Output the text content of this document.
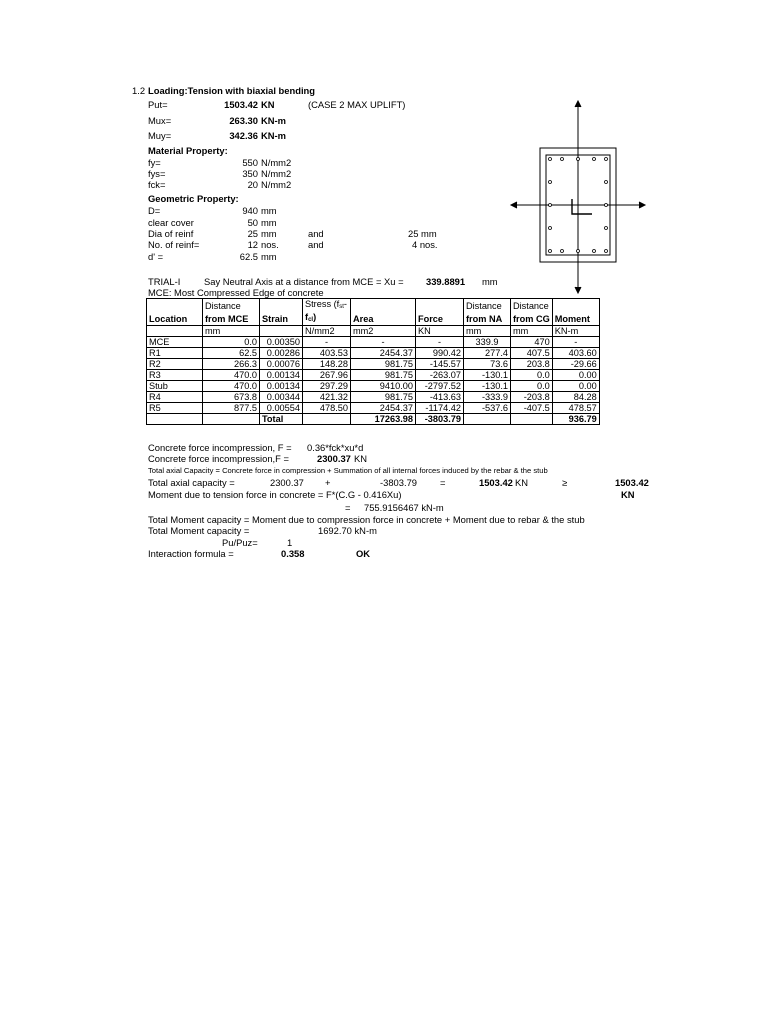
1.2 Loading:Tension with biaxial bending
Put=	1503.42 KN	(CASE 2 MAX UPLIFT)
Mux=	263.30 KN-m
Muy=	342.36 KN-m
Material Property:
fy=	550 N/mm2
fys=	350 N/mm2
fck=	20 N/mm2
Geometric Property:
D=	940 mm
clear cover	50 mm
Dia of reinf	25 mm	and	25 mm
No. of reinf=	12 nos.	and	4 nos.
d' =	62.5 mm
TRIAL-I	Say Neutral Axis at a distance from MCE = Xu = 339.8891 mm
MCE: Most Compressed Edge of concrete
	Distance		Stress ($f_{st}-$			Distance	Distance	
Location	from MCE	Strain	$f_{cl}$)	Area	Force	from NA	from CG	Moment
	mm		N/mm2	mm2	KN	mm	mm	KN-m
MCE	0.0	0.00350	-	-	-	339.9	470	-
R1	62.5	0.00286	403.53	2454.37	990.42	277.4	407.5	403.60
R2	266.3	0.00076	148.28	981.75	-145.57	73.6	203.8	-29.66
R3	470.0	0.00134	267.96	981.75	-263.07	-130.1	0.0	0.00
Stub	470.0	0.00134	297.29	9410.00	-2797.52	-130.1	0.0	0.00
R4	673.8	0.00344	421.32	981.75	-413.63	-333.9	-203.8	84.28
R5	877.5	0.00554	478.50	2454.37	-1174.42	-537.6	-407.5	478.57
		Total		17263.98	-3803.79			936.79
Concrete force incompression, F = 0.36*fck*xu*d
Concrete force incompression,F =	2300.37 KN
Total axial Capacity = Concrete force in compression + Summation of all internal forces induced by the rebar & the stub
Total axial capacity =	2300.37 +	-3803.79 =	1503.42 KN	≥	1503.42
KN
Moment due to tension force in concrete = F*(C.G - 0.416Xu)
= 755.9156467 kN-m
Total Moment capacity = Moment due to compression force in concrete + Moment due to rebar & the stub
Total Moment capacity =	1692.70 kN-m
Pu/Puz=	1
Interaction formula =	0.358	OK
